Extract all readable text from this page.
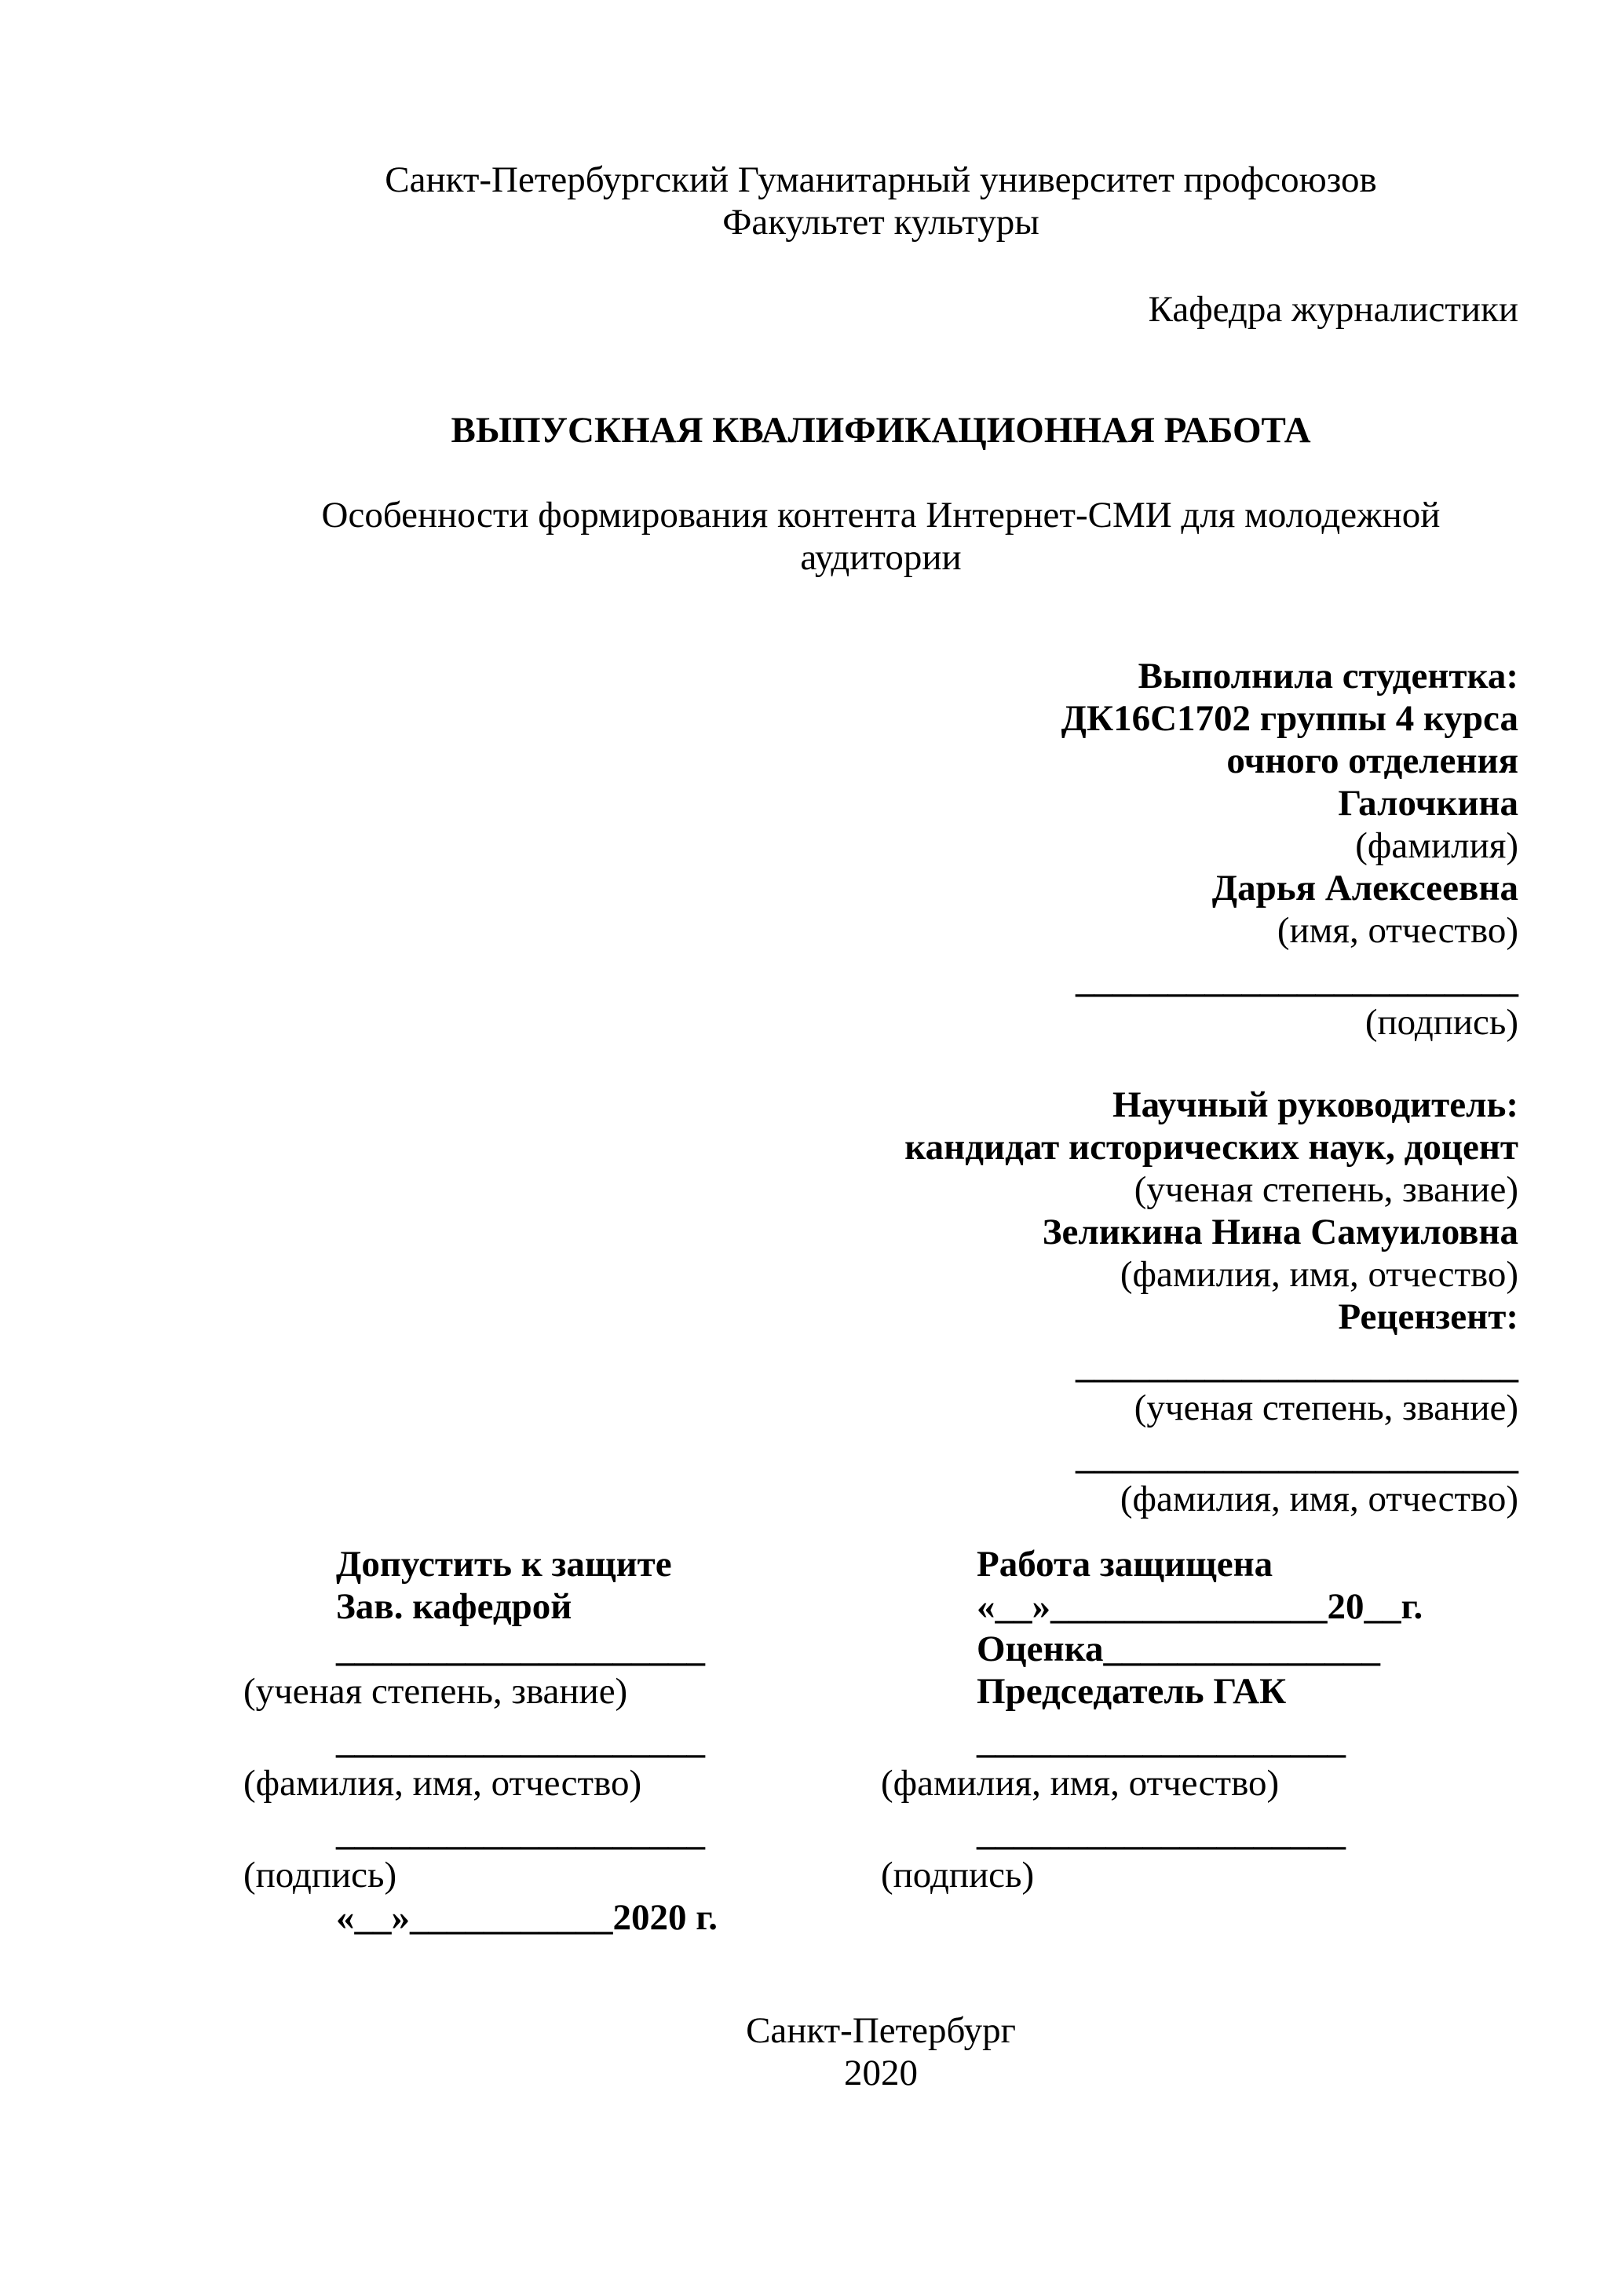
Санкт-Петербургский Гуманитарный университет профсоюзов
Факультет культуры
Кафедра журналистики
ВЫПУСКНАЯ КВАЛИФИКАЦИОННАЯ РАБОТА
Особенности формирования контента Интернет-СМИ для молодежной
аудитории
Выполнила студентка:
ДК16С1702 группы 4 курса
очного отделения
Галочкина
(фамилия)
Дарья Алексеевна
(имя, отчество)
________________________
(подпись)
Научный руководитель:
кандидат исторических наук, доцент
(ученая степень, звание)
Зеликина Нина Самуиловна
(фамилия, имя, отчество)
Рецензент:
________________________
(ученая степень, звание)
________________________
(фамилия, имя, отчество)
Допустить к защите
Зав. кафедрой
____________________
(ученая степень, звание)
____________________
(фамилия, имя, отчество)
____________________
(подпись)
«__»___________2020 г.
Работа защищена
«__»_______________20__г.
Оценка_______________
Председатель ГАК
____________________
(фамилия, имя, отчество)
____________________
(подпись)
Санкт-Петербург
2020
